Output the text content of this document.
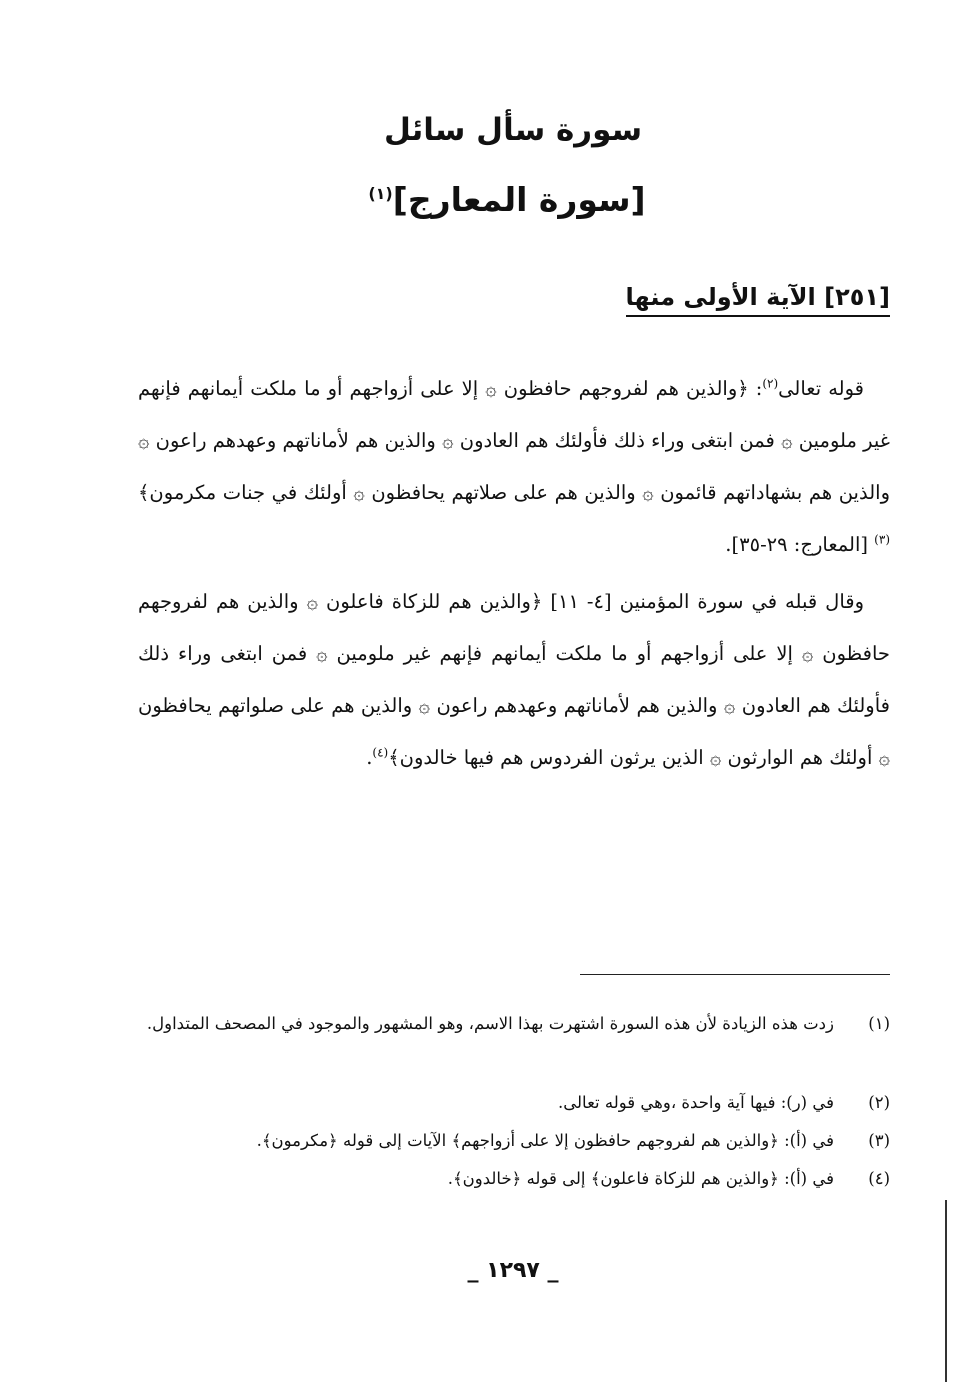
سورة سأل سائل
[سورة المعارج]$^{(١)}$
[٢٥١] الآية الأولى منها

قوله تعالى$^{(٢)}$: ﴿والذين هم لفروجهم حافظون ۞ إلا على أزواجهم أو ما ملكت أيمانهم فإنهم غير ملومين ۞ فمن ابتغى وراء ذلك فأولئك هم العادون ۞ والذين هم لأماناتهم وعهدهم راعون ۞ والذين هم بشهاداتهم قائمون ۞ والذين هم على صلاتهم يحافظون ۞ أولئك في جنات مكرمون﴾$^{(٣)}$ [المعارج: ٢٩-٣٥].

وقال قبله في سورة المؤمنين [٤- ١١] ﴿والذين هم للزكاة فاعلون ۞ والذين هم لفروجهم حافظون ۞ إلا على أزواجهم أو ما ملكت أيمانهم فإنهم غير ملومين ۞ فمن ابتغى وراء ذلك فأولئك هم العادون ۞ والذين هم لأماناتهم وعهدهم راعون ۞ والذين هم على صلواتهم يحافظون ۞ أولئك هم الوارثون ۞ الذين يرثون الفردوس هم فيها خالدون﴾$^{(٤)}$.

(١)
زدت هذه الزيادة لأن هذه السورة اشتهرت بهذا الاسم، وهو المشهور والموجود في المصحف المتداول.
(٢)
في (ر): فيها آية واحدة ،وهي قوله تعالى.
(٣)
في (أ): ﴿والذين هم لفروجهم حافظون إلا على أزواجهم﴾ الآيات إلى قوله ﴿مكرمون﴾.
(٤)
في (أ): ﴿والذين هم للزكاة فاعلون﴾ إلى قوله ﴿خالدون﴾.
_ ١٢٩٧ _
